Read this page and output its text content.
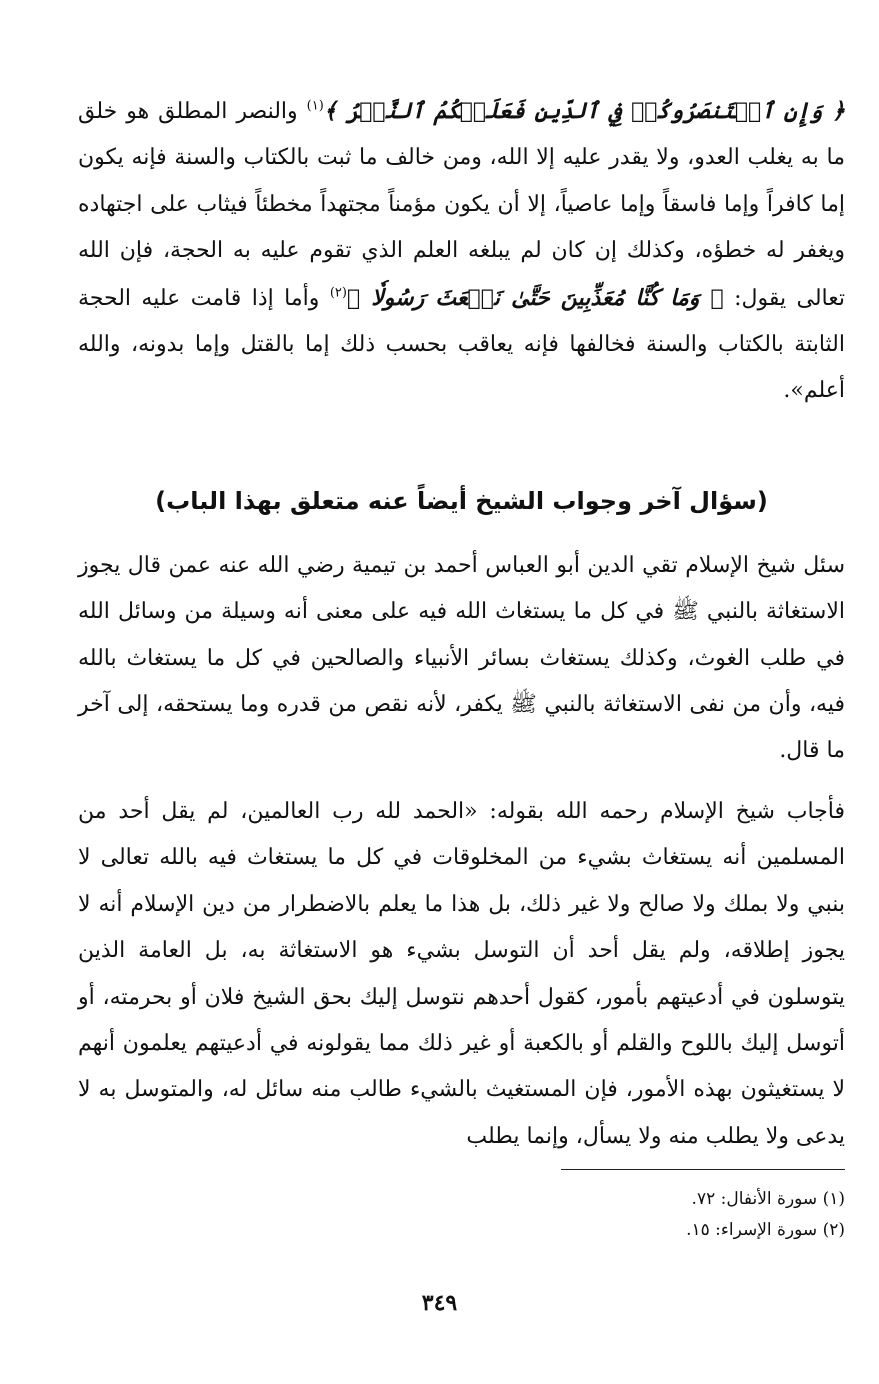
﴿ وَإِنِ ٱسۡتَنصَرُوكُمۡ فِي ٱلدِّينِ فَعَلَيۡكُمُ ٱلنَّصۡرُ ﴾$^{(١)}$ والنصر المطلق هو خلق ما به يغلب العدو، ولا يقدر عليه إلا الله، ومن خالف ما ثبت بالكتاب والسنة فإنه يكون إما كافراً وإما فاسقاً وإما عاصياً، إلا أن يكون مؤمناً مجتهداً مخطئاً فيثاب على اجتهاده ويغفر له خطؤه، وكذلك إن كان لم يبلغه العلم الذي تقوم عليه به الحجة، فإن الله تعالى يقول: ﴿ وَمَا كُنَّا مُعَذِّبِينَ حَتَّىٰ نَبۡعَثَ رَسُولٗا ﴾$^{(٢)}$ وأما إذا قامت عليه الحجة الثابتة بالكتاب والسنة فخالفها فإنه يعاقب بحسب ذلك إما بالقتل وإما بدونه، والله أعلم».

(سؤال آخر وجواب الشيخ أيضاً عنه متعلق بهذا الباب)

سئل شيخ الإسلام تقي الدين أبو العباس أحمد بن تيمية رضي الله عنه عمن قال يجوز الاستغاثة بالنبي ﷺ في كل ما يستغاث الله فيه على معنى أنه وسيلة من وسائل الله في طلب الغوث، وكذلك يستغاث بسائر الأنبياء والصالحين في كل ما يستغاث بالله فيه، وأن من نفى الاستغاثة بالنبي ﷺ يكفر، لأنه نقص من قدره وما يستحقه، إلى آخر ما قال.

فأجاب شيخ الإسلام رحمه الله بقوله: «الحمد لله رب العالمين، لم يقل أحد من المسلمين أنه يستغاث بشيء من المخلوقات في كل ما يستغاث فيه بالله تعالى لا بنبي ولا بملك ولا صالح ولا غير ذلك، بل هذا ما يعلم بالاضطرار من دين الإسلام أنه لا يجوز إطلاقه، ولم يقل أحد أن التوسل بشيء هو الاستغاثة به، بل العامة الذين يتوسلون في أدعيتهم بأمور، كقول أحدهم نتوسل إليك بحق الشيخ فلان أو بحرمته، أو أتوسل إليك باللوح والقلم أو بالكعبة أو غير ذلك مما يقولونه في أدعيتهم يعلمون أنهم لا يستغيثون بهذه الأمور، فإن المستغيث بالشيء طالب منه سائل له، والمتوسل به لا يدعى ولا يطلب منه ولا يسأل، وإنما يطلب

(١) سورة الأنفال: ٧٢.

(٢) سورة الإسراء: ١٥.

٣٤٩
